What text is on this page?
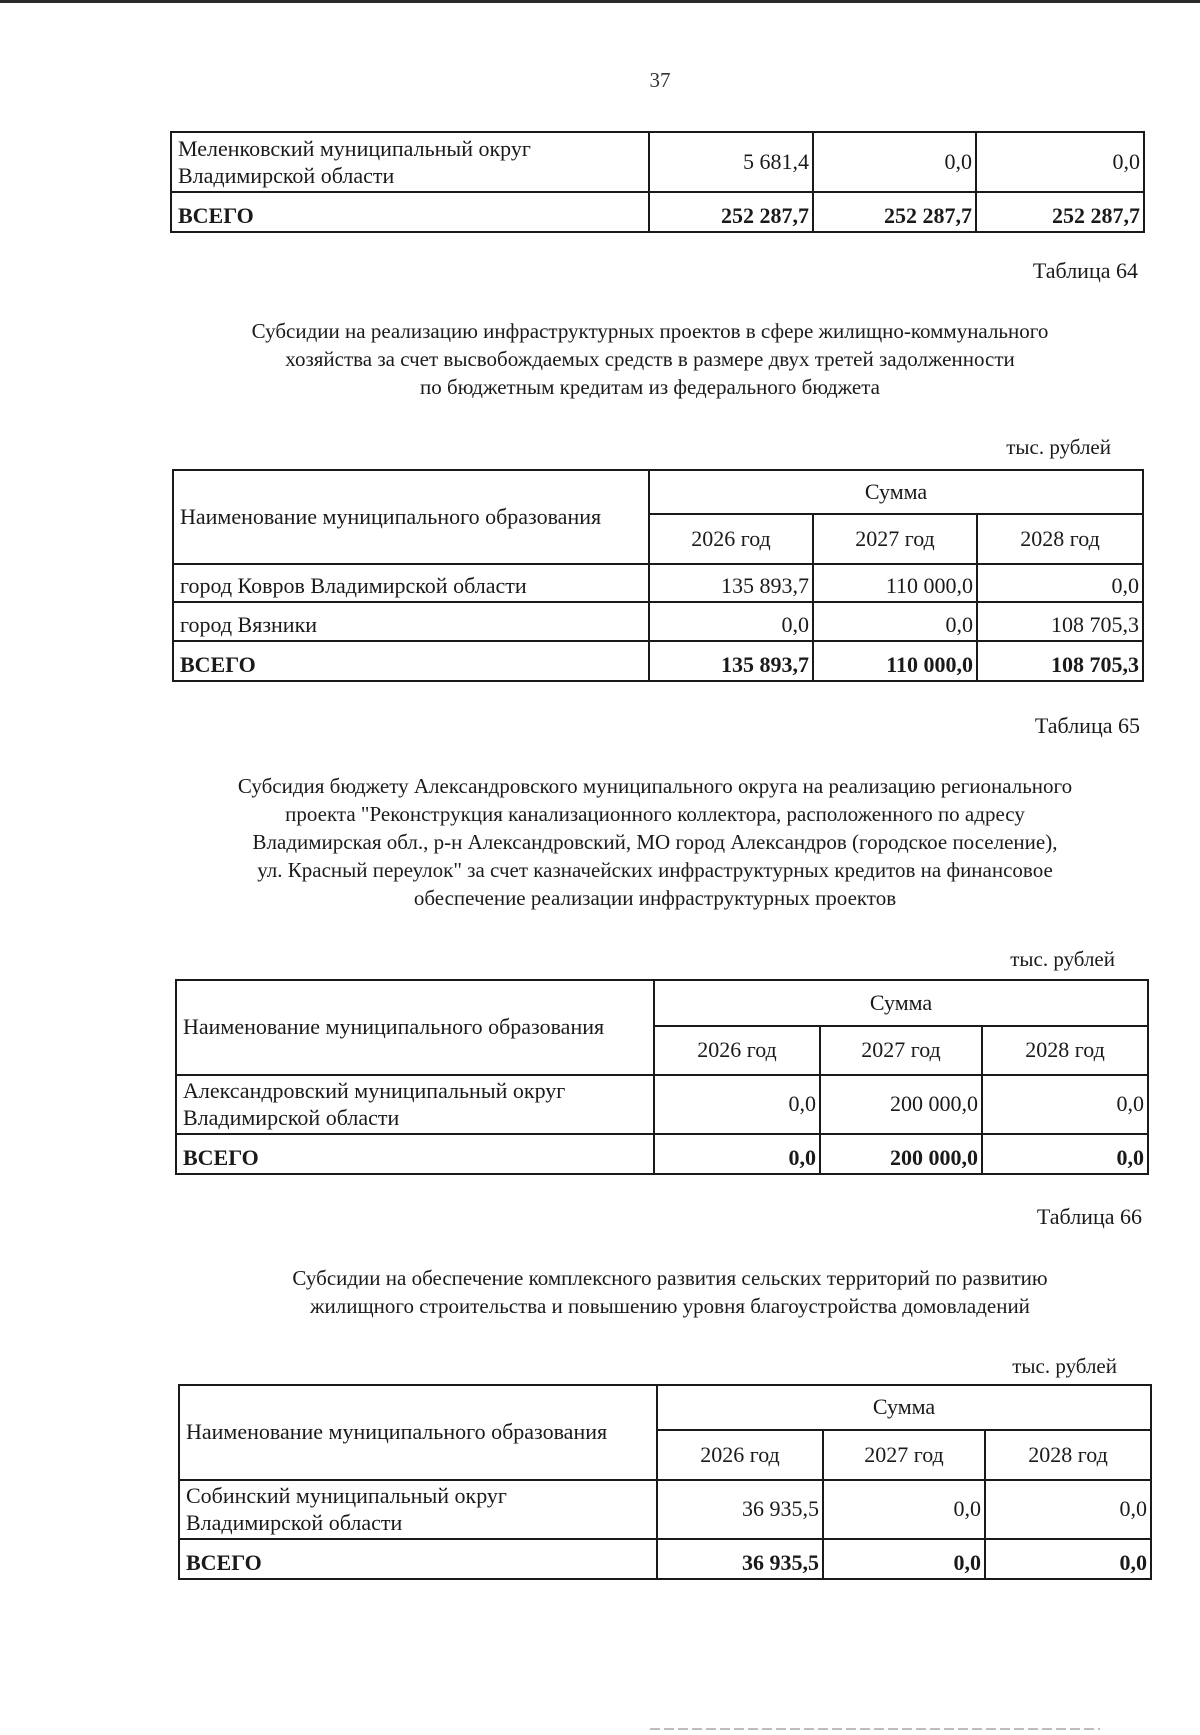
37
Меленковский муниципальный округ
Владимирской области	5 681,4	0,0	0,0
ВСЕГО	252 287,7	252 287,7	252 287,7
Таблица 64
Субсидии на реализацию инфраструктурных проектов в сфере жилищно-коммунального
хозяйства за счет высвобождаемых средств в размере двух третей задолженности
по бюджетным кредитам из федерального бюджета
тыс. рублей
Наименование муниципального образования	Сумма		
	2026 год	2027 год	2028 год
город Ковров Владимирской области	135 893,7	110 000,0	0,0
город Вязники	0,0	0,0	108 705,3
ВСЕГО	135 893,7	110 000,0	108 705,3
Таблица 65
Субсидия бюджету Александровского муниципального округа на реализацию регионального
проекта "Реконструкция канализационного коллектора, расположенного по адресу
Владимирская обл., р-н Александровский, МО город Александров (городское поселение),
ул. Красный переулок" за счет казначейских инфраструктурных кредитов на финансовое
обеспечение реализации инфраструктурных проектов
тыс. рублей
Наименование муниципального образования	Сумма		
	2026 год	2027 год	2028 год

Александровский муниципальный округ
Владимирской области	0,0	200 000,0	0,0
ВСЕГО	0,0	200 000,0	0,0
Таблица 66
Субсидии на обеспечение комплексного развития сельских территорий по развитию
жилищного строительства и повышению уровня благоустройства домовладений
тыс. рублей
Наименование муниципального образования	Сумма		
	2026 год	2027 год	2028 год

Собинский муниципальный округ
Владимирской области	36 935,5	0,0	0,0
ВСЕГО	36 935,5	0,0	0,0
